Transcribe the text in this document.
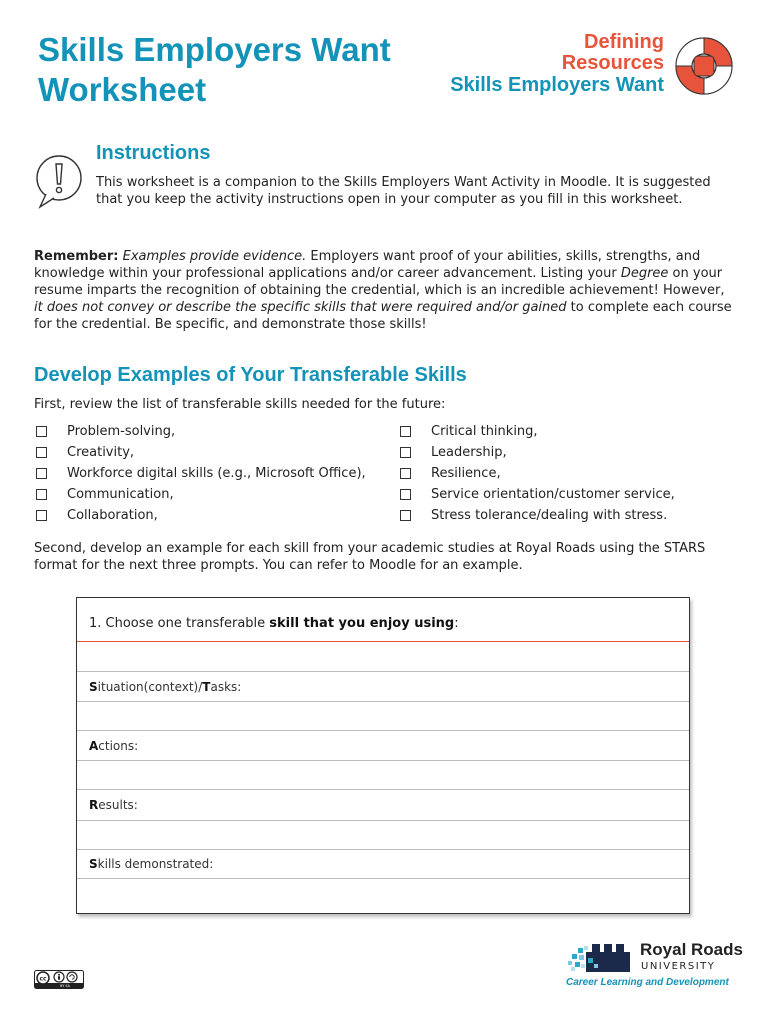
Skills Employers Want
Worksheet
Defining
Resources
Skills Employers Want
Instructions
This worksheet is a companion to the Skills Employers Want Activity in Moodle. It is suggested that you keep the activity instructions open in your computer as you fill in this worksheet.
Remember: Examples provide evidence. Employers want proof of your abilities, skills, strengths, and knowledge within your professional applications and/or career advancement. Listing your Degree on your resume imparts the recognition of obtaining the credential, which is an incredible achievement! However, it does not convey or describe the specific skills that were required and/or gained to complete each course for the credential. Be specific, and demonstrate those skills!
Develop Examples of Your Transferable Skills
First, review the list of transferable skills needed for the future:
Problem-solving,
Creativity,
Workforce digital skills (e.g., Microsoft Office),
Communication,
Collaboration,
Critical thinking,
Leadership,
Resilience,
Service orientation/customer service,
Stress tolerance/dealing with stress.
Second, develop an example for each skill from your academic studies at Royal Roads using the STARS format for the next three prompts. You can refer to Moodle for an example.
1. Choose one transferable skill that you enjoy using:
Situation(context)/Tasks:
Actions:
Results:
Skills demonstrated:
cc
BY SA
Royal Roads
UNIVERSITY
Career Learning and Development
